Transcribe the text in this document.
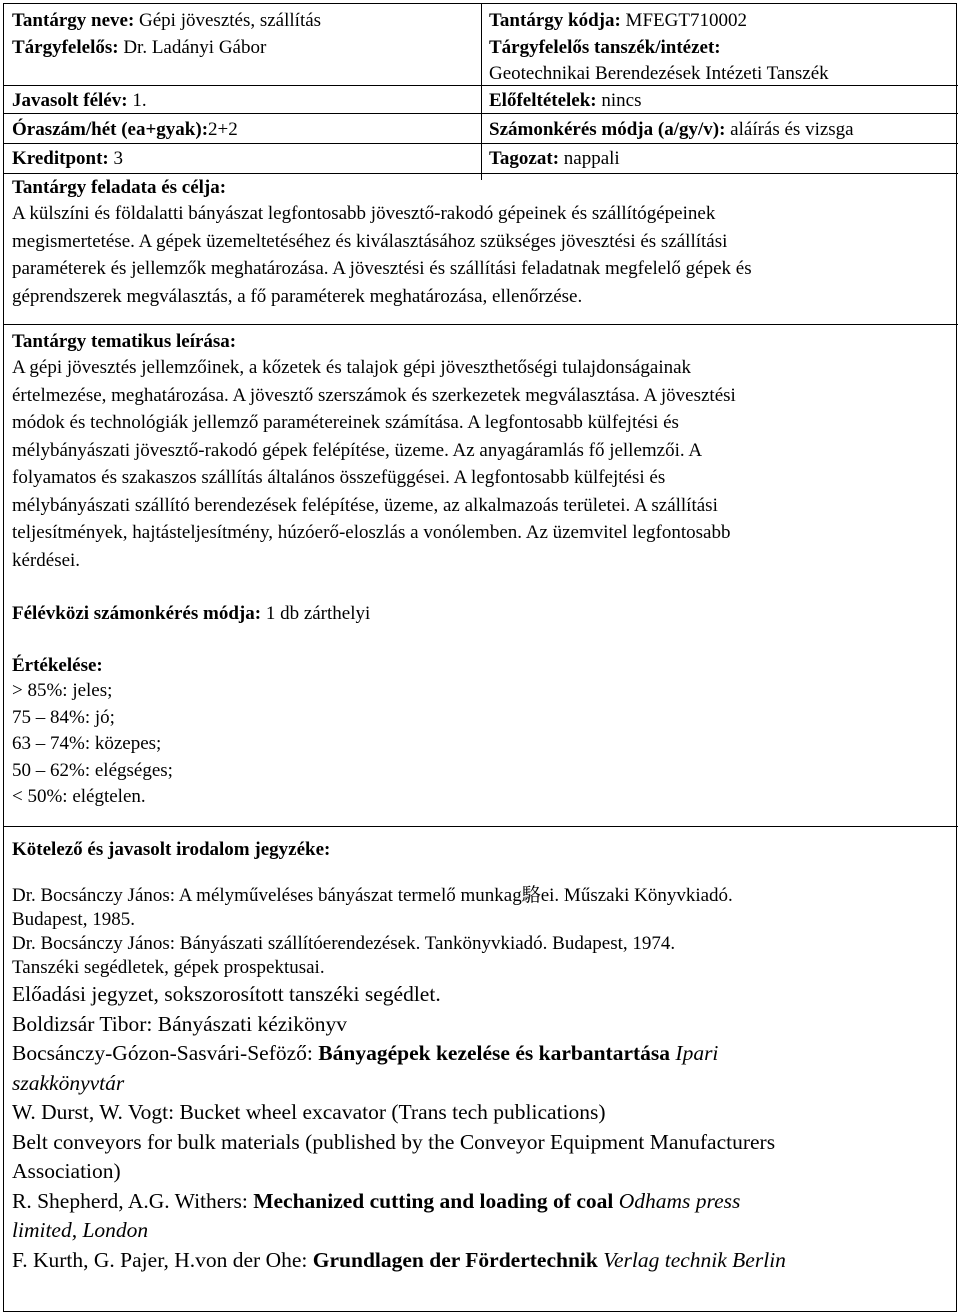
Tantárgy neve: Gépi jövesztés, szállítás
Tárgyfelelős: Dr. Ladányi Gábor
Javasolt félév: 1.
Óraszám/hét (ea+gyak):2+2
Kreditpont: 3
Tantárgy kódja: MFEGT710002
Tárgyfelelős tanszék/intézet:
Geotechnikai Berendezések Intézeti Tanszék
Előfeltételek: nincs
Számonkérés módja (a/gy/v): aláírás és vizsga
Tagozat: nappali
Tantárgy feladata és célja:

A külszíni és földalatti bányászat legfontosabb jövesztő-rakodó gépeinek és szállítógépeinek

megismertetése. A gépek üzemeltetéséhez és kiválasztásához szükséges jövesztési és szállítási

paraméterek és jellemzők meghatározása. A jövesztési és szállítási feladatnak megfelelő gépek és

géprendszerek megválasztás, a fő paraméterek meghatározása, ellenőrzése.

Tantárgy tematikus leírása:

A gépi jövesztés jellemzőinek, a kőzetek és talajok gépi jöveszthetőségi tulajdonságainak

értelmezése, meghatározása. A jövesztő szerszámok és szerkezetek megválasztása. A jövesztési

módok és technológiák jellemző paramétereinek számítása. A legfontosabb külfejtési és

mélybányászati jövesztő-rakodó gépek felépítése, üzeme. Az anyagáramlás fő jellemzői. A

folyamatos és szakaszos szállítás általános összefüggései. A legfontosabb külfejtési és

mélybányászati szállító berendezések felépítése, üzeme, az alkalmazoás területei. A szállítási

teljesítmények, hajtásteljesítmény, húzóerő-eloszlás a vonólemben. Az üzemvitel legfontosabb

kérdései.

Félévközi számonkérés módja: 1 db zárthelyi

Értékelése:

> 85%: jeles;

75 – 84%: jó;

63 – 74%: közepes;

50 – 62%: elégséges;

< 50%: elégtelen.

Kötelező és javasolt irodalom jegyzéke:

Dr. Bocsánczy János: A mélyműveléses bányászat termelő munkag駱ei. Műszaki Könyvkiadó.

Budapest, 1985.

Dr. Bocsánczy János: Bányászati szállítóerendezések. Tankönyvkiadó. Budapest, 1974.

Tanszéki segédletek, gépek prospektusai.

Előadási jegyzet, sokszorosított tanszéki segédlet.

Boldizsár Tibor: Bányászati kézikönyv

Bocsánczy-Gózon-Sasvári-Seföző: Bányagépek kezelése és karbantartása Ipari

szakkönyvtár

W. Durst, W. Vogt: Bucket wheel excavator (Trans tech publications)

Belt conveyors for bulk materials (published by the Conveyor Equipment Manufacturers

Association)

R. Shepherd, A.G. Withers: Mechanized cutting and loading of coal Odhams press

limited, London

F. Kurth, G. Pajer, H.von der Ohe: Grundlagen der Fördertechnik Verlag technik Berlin
